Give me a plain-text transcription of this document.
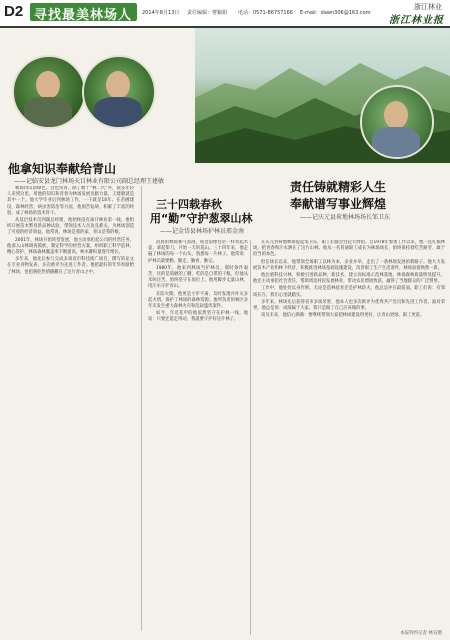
D2 寻找最美林场人 2014年8月13日 责任编辑：曹颖娟 电话：0571-86757166 E-mail：dawn306@163.com
浙江林业
浙江林业报
他拿知识奉献给青山
——记临安县龙门林场天目林业有限公司副总经理王建敏
三十四载春秋
用“勤”守护葱翠山林
——记金岱县林场护林员邢金南
责任铸就精彩人生
奉献谱写事业辉煌
——记庆元县荷地林场场长邹卫东

林场四山清绿色，会也常青。除了数十“林二代”外，很多年轻人来到这里，用他的知识和青春为林场发展贡献力量。王建敏就是其中一个。他大学毕业后到林场工作，一干就是18年。在苗圃建设、森林经营、病虫害防治等方面，他刻苦钻研，积累了丰富的经验，成了林场的技术骨干。

从基层技术员到副总经理，他始终没有离开林业第一线。他组织开展苗木繁育新品种试验，带领技术人员攻克难关，为林场创造了可观的经济效益。他常说，林场是我的家，青山是我的根。

2001年，林场开始转型发展，他主动承担起公司的经营任务。他深入山林调查摸底，制定科学的经营方案，组织职工科学造林、精心管护，林场森林覆盖率不断提高，林木蓄积量逐年增长。

多年来，他先后参与完成多项省市科技推广项目，撰写的论文在专业刊物发表，多次被评为先进工作者。他把最好的年华奉献给了林场，也把满腔热情播撒在了这片青山之中。

清晨的林场雾气弥漫，邢金南像往常一样背起水壶，拿起柴刀，开始一天的巡山。三十四年来，他走遍了林场的每一个山头，熟悉每一片林子。他常说：护林员就要勤，勤走、勤看、勤记。

1980年，他来到林场当护林员。那时条件艰苦，住的是简陋的工棚，吃的是自带的干粮。但他从未叫过苦，始终坚守在岗位上。他用脚步丈量山林，用汗水守护青山。

在防火期，他更是寸步不离，及时发现并扑灭多起火情，保护了林场的森林资源。他所负责的林区多年未发生重大森林火灾和乱砍滥伐案件。

如今，年近花甲的他依然坚守在护林一线。他说：只要还能走得动，我就要守护好这片林子。

在庆元县荷地林场提起邹卫东，职工们都会竖起大拇指。自1978年参加工作以来，他一直扎根林场，把青春和汗水洒在了这片山林。他从一名普通职工成长为林场场长，始终保持着吃苦耐劳、敢于担当的本色。

担任场长以来，他带领全场职工以林为本，多业并举，走出了一条林场发展的新路子。他大力发展苗木产业和林下经济，积极推进林场基础设施建设，改善职工生产生活条件，林场面貌焕然一新。

他注重科技兴林，积极引进新品种、新技术，建立高标准示范林基地，林场森林质量明显提升。他还主动承担社会责任，帮助周边村民发展林业，带动农民增收致富，赢得了当地群众的广泛赞誉。

工作中，他处处以身作则。无论是造林抚育还是护林防火，他总是冲在最前面。职工们说：有邹场长在，我们心里就踏实。

多年来，林场先后获得省市多项荣誉，他本人也多次被评为优秀共产党员和先进工作者。面对荣誉，他总是说：成绩属于大家，我只是做了自己应该做的事。

谈及未来，他信心满满：要继续带领大家把林场建设得更好，让青山更绿、职工更富。

本报特约记者 林宣摄
